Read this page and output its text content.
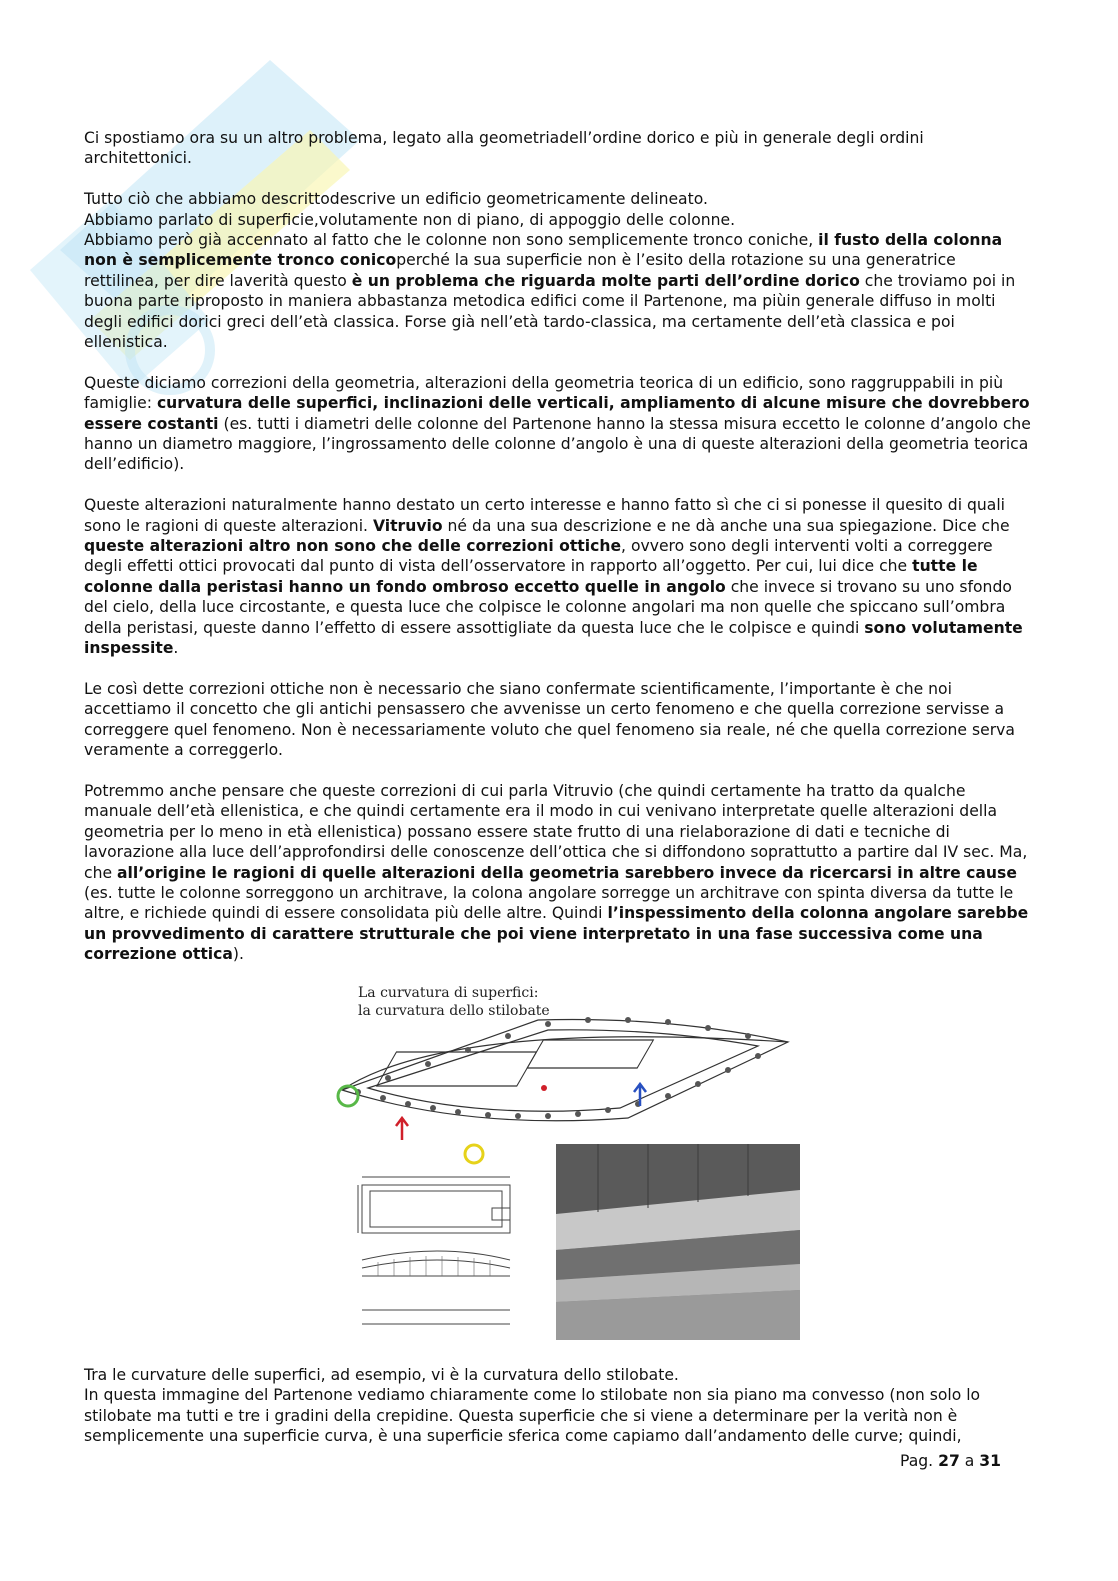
Ci spostiamo ora su un altro problema, legato alla geometriadell’ordine dorico e più in generale degli ordini architettonici.

Tutto ciò che abbiamo descrittodescrive un edificio geometricamente delineato.
Abbiamo parlato di superficie,volutamente non di piano, di appoggio delle colonne.
Abbiamo però già accennato al fatto che le colonne non sono semplicemente tronco coniche, il fusto della colonna non è semplicemente tronco conicoperché la sua superficie non è l’esito della rotazione su una generatrice rettilinea, per dire laverità questo è un problema che riguarda molte parti dell’ordine dorico che troviamo poi in buona parte riproposto in maniera abbastanza metodica edifici come il Partenone, ma piùin generale diffuso in molti degli edifici dorici greci dell’età classica. Forse già nell’età tardo-classica, ma certamente dell’età classica e poi ellenistica.

Queste diciamo correzioni della geometria, alterazioni della geometria teorica di un edificio, sono raggruppabili in più famiglie: curvatura delle superfici, inclinazioni delle verticali, ampliamento di alcune misure che dovrebbero essere costanti (es. tutti i diametri delle colonne del Partenone hanno la stessa misura eccetto le colonne d’angolo che hanno un diametro maggiore, l’ingrossamento delle colonne d’angolo è una di queste alterazioni della geometria teorica dell’edificio).

Queste alterazioni naturalmente hanno destato un certo interesse e hanno fatto sì che ci si ponesse il quesito di quali sono le ragioni di queste alterazioni. Vitruvio né da una sua descrizione e ne dà anche una sua spiegazione. Dice che queste alterazioni altro non sono che delle correzioni ottiche, ovvero sono degli interventi volti a correggere degli effetti ottici provocati dal punto di vista dell’osservatore in rapporto all’oggetto. Per cui, lui dice che tutte le colonne dalla peristasi hanno un fondo ombroso eccetto quelle in angolo che invece si trovano su uno sfondo del cielo, della luce circostante, e questa luce che colpisce le colonne angolari ma non quelle che spiccano sull’ombra della peristasi, queste danno l’effetto di essere assottigliate da questa luce che le colpisce e quindi sono volutamente inspessite.

Le così dette correzioni ottiche non è necessario che siano confermate scientificamente, l’importante è che noi accettiamo il concetto che gli antichi pensassero che avvenisse un certo fenomeno e che quella correzione servisse a correggere quel fenomeno. Non è necessariamente voluto che quel fenomeno sia reale, né che quella correzione serva veramente a correggerlo.

Potremmo anche pensare che queste correzioni di cui parla Vitruvio (che quindi certamente ha tratto da qualche manuale dell’età ellenistica, e che quindi certamente era il modo in cui venivano interpretate quelle alterazioni della geometria per lo meno in età ellenistica) possano essere state frutto di una rielaborazione di dati e tecniche di lavorazione alla luce dell’approfondirsi delle conoscenze dell’ottica che si diffondono soprattutto a partire dal IV sec. Ma, che all’origine le ragioni di quelle alterazioni della geometria sarebbero invece da ricercarsi in altre cause (es. tutte le colonne sorreggono un architrave, la colona angolare sorregge un architrave con spinta diversa da tutte le altre, e richiede quindi di essere consolidata più delle altre. Quindi l’inspessimento della colonna angolare sarebbe un provvedimento di carattere strutturale che poi viene interpretato in una fase successiva come una correzione ottica).

La curvatura di superfici:
la curvatura dello stilobate

Tra le curvature delle superfici, ad esempio, vi è la curvatura dello stilobate.
In questa immagine del Partenone vediamo chiaramente come lo stilobate non sia piano ma convesso (non solo lo stilobate ma tutti e tre i gradini della crepidine. Questa superficie che si viene a determinare per la verità non è semplicemente una superficie curva, è una superficie sferica come capiamo dall’andamento delle curve; quindi,

Pag. 27 a 31
